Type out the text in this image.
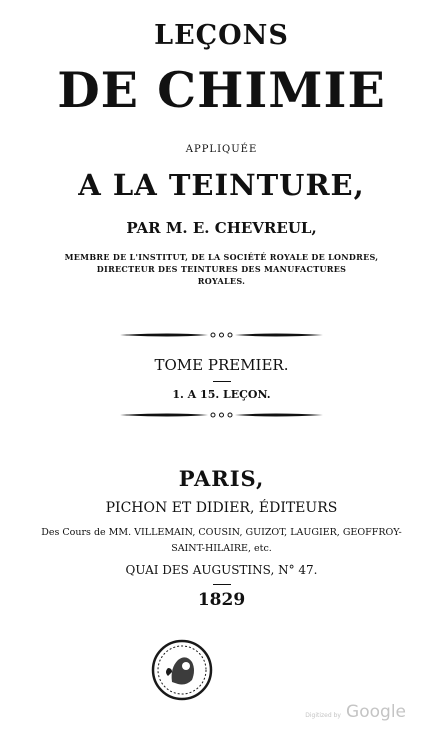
LEÇONS
DE CHIMIE
APPLIQUÉE
A LA TEINTURE,
PAR M. E. CHEVREUL,
MEMBRE DE L'INSTITUT, DE LA SOCIÉTÉ ROYALE DE LONDRES,
DIRECTEUR DES TEINTURES DES MANUFACTURES
ROYALES.
TOME PREMIER.
1. A 15. LEÇON.
PARIS,
PICHON ET DIDIER, ÉDITEURS
Des Cours de MM. VILLEMAIN, COUSIN, GUIZOT, LAUGIER, GEOFFROY-
SAINT-HILAIRE, etc.
QUAI DES AUGUSTINS, N° 47.
1829
Digitized by Google
